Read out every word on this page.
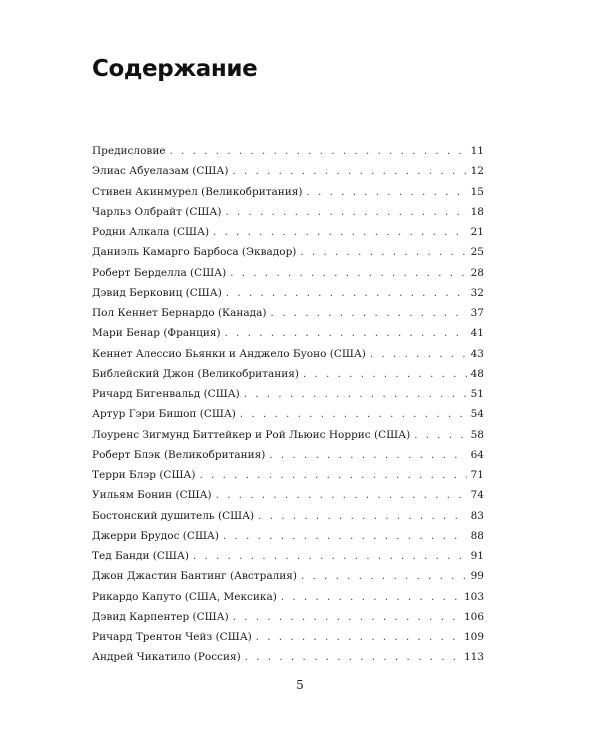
Содержание
Предисловие . . .	11
Элиас Абуелазам (США) . . .	12
Стивен Акинмурел (Великобритания) . . .	15
Чарльз Олбрайт (США) . . .	18
Родни Алкала (США) . . .	21
Даниэль Камарго Барбоса (Эквадор) . . .	25
Роберт Берделла (США) . . .	28
Дэвид Берковиц (США) . . .	32
Пол Кеннет Бернардо (Канада) . . .	37
Мари Бенар (Франция) . . .	41
Кеннет Алессио Бьянки и Анджело Буоно (США) . . .	43
Библейский Джон (Великобритания) . . .	48
Ричард Бигенвальд (США) . . .	51
Артур Гэри Бишоп (США) . . .	54
Лоуренс Зигмунд Биттейкер и Рой Льюис Норрис (США) . . .	58
Роберт Блэк (Великобритания) . . .	64
Терри Блэр (США) . . .	71
Уильям Бонин (США) . . .	74
Бостонский душитель (США) . . .	83
Джерри Брудос (США) . . .	88
Тед Банди (США) . . .	91
Джон Джастин Бантинг (Австралия) . . .	99
Рикардо Капуто (США, Мексика) . . .	103
Дэвид Карпентер (США) . . .	106
Ричард Трентон Чейз (США) . . .	109
Андрей Чикатило (Россия) . . .	113
5
